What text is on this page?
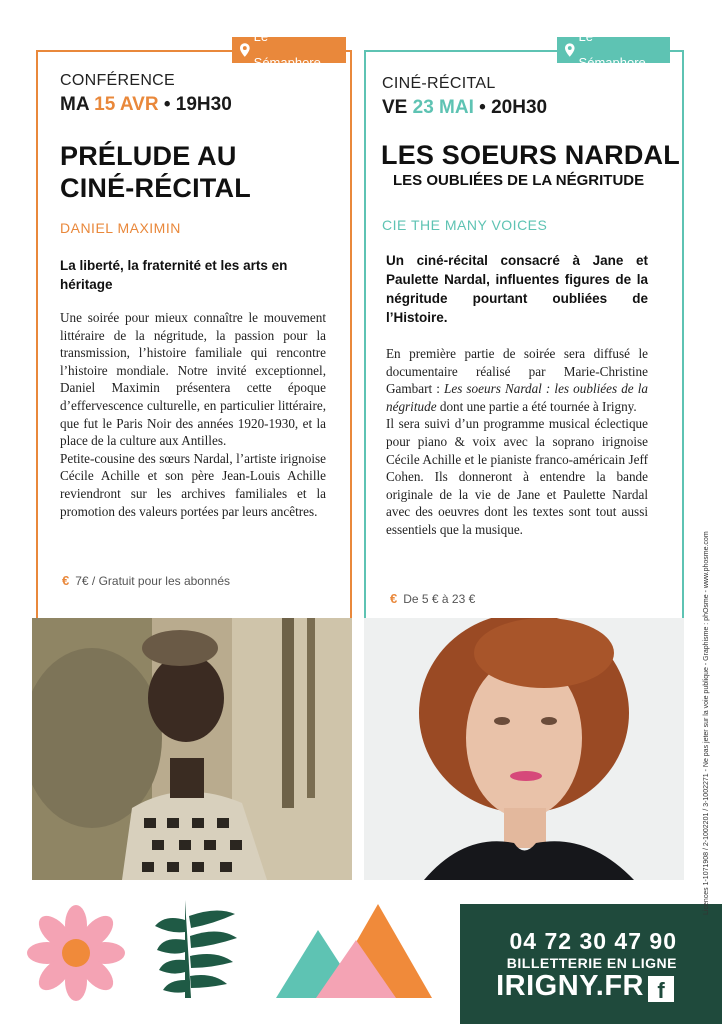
Le Sémaphore
CONFÉRENCE
MA 15 AVR • 19H30
PRÉLUDE AU
CINÉ-RÉCITAL
DANIEL MAXIMIN
La liberté, la fraternité et les arts en héritage

Une soirée pour mieux connaître le mouvement littéraire de la négritude, la passion pour la transmission, l’histoire familiale qui rencontre l’histoire mondiale. Notre invité exceptionnel, Daniel Maximin présentera cette époque d’effervescence culturelle, en particulier littéraire, que fut le Paris Noir des années 1920-1930, et la place de la culture aux Antilles.

Petite-cousine des sœurs Nardal, l’artiste irignoise Cécile Achille et son père Jean-Louis Achille reviendront sur les archives familiales et la promotion des valeurs portées par leurs ancêtres.

€ 7€ / Gratuit pour les abonnés
Le Sémaphore
CINÉ-RÉCITAL
VE 23 MAI • 20H30
LES SOEURS NARDAL
LES OUBLIÉES DE LA NÉGRITUDE
CIE THE MANY VOICES
Un ciné-récital consacré à Jane et Paulette Nardal, influentes figures de la négritude pourtant oubliées de l’Histoire.

En première partie de soirée sera diffusé le documentaire réalisé par Marie-Christine Gambart : Les soeurs Nardal : les oubliées de la négritude dont une partie a été tournée à Irigny.

Il sera suivi d’un programme musical éclectique pour piano & voix avec la soprano irignoise Cécile Achille et le pianiste franco-américain Jeff Cohen. Ils donneront à entendre la bande originale de la vie de Jane et Paulette Nardal avec des oeuvres dont les textes sont tout aussi essentiels que la musique.

€ De 5 € à 23 €
04 72 30 47 90
BILLETTERIE EN LIGNE
IRIGNY.FR f
Licences 1-1071908 / 2-1002201 / 3-1002271 - Ne pas jeter sur la voie publique - Graphisme : phOsme - www.phosme.com
